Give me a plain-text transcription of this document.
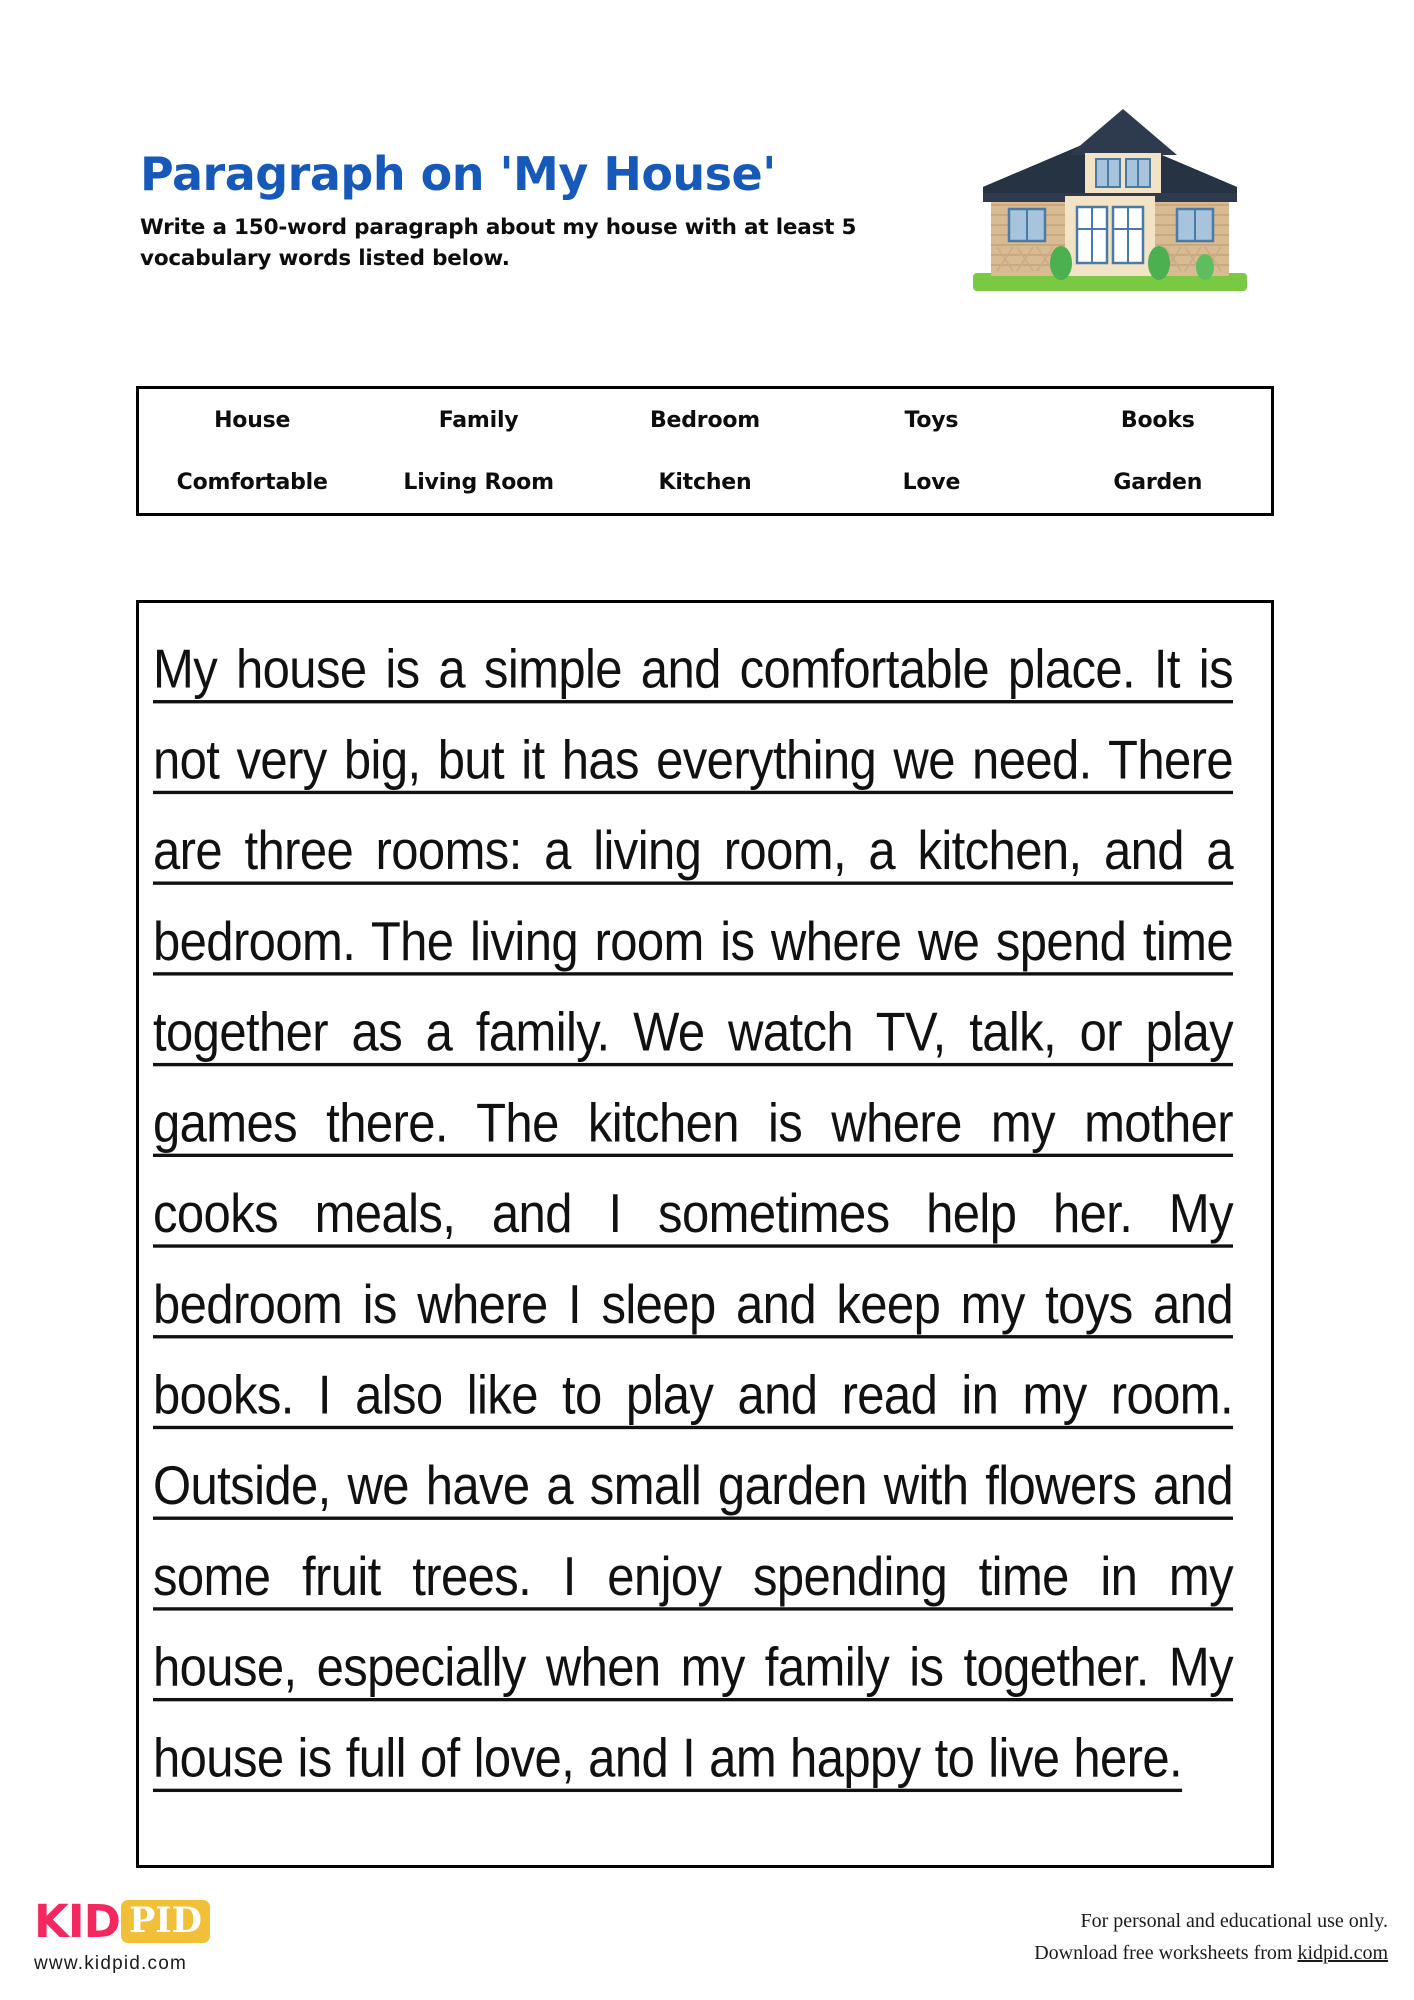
Paragraph on 'My House'
Write a 150-word paragraph about my house with at least 5 vocabulary words listed below.
House	Family	Bedroom	Toys	Books
Comfortable	Living Room	Kitchen	Love	Garden
My house is a simple and comfortable place. It is not very big, but it has everything we need. There are three rooms: a living room, a kitchen, and a bedroom. The living room is where we spend time together as a family. We watch TV, talk, or play games there. The kitchen is where my mother cooks meals, and I sometimes help her. My bedroom is where I sleep and keep my toys and books. I also like to play and read in my room. Outside, we have a small garden with flowers and some fruit trees. I enjoy spending time in my house, especially when my family is together. My house is full of love, and I am happy to live here.
KID PID
www.kidpid.com
For personal and educational use only.
Download free worksheets from kidpid.com
